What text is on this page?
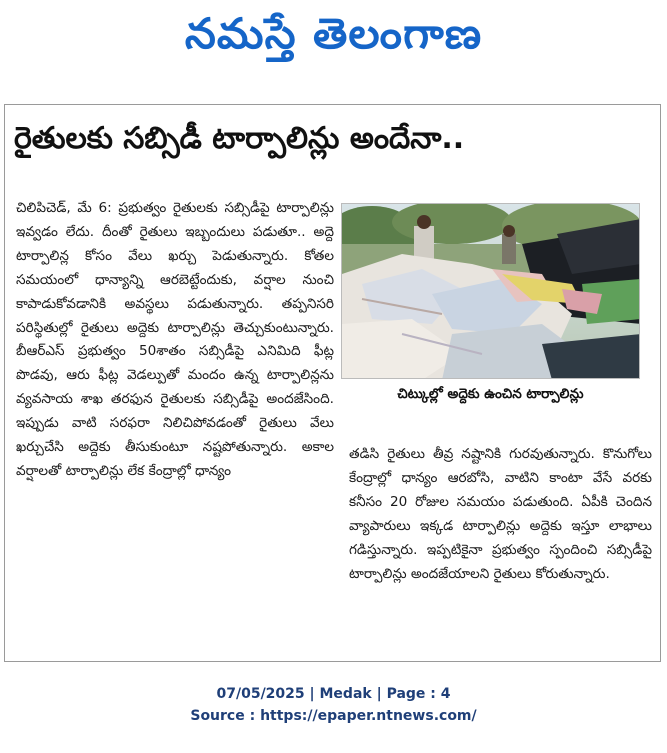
నమస్తే తెలంగాణ
రైతులకు సబ్సిడీ టార్పాలిన్లు అందేనా..

చిలిపిచెడ్, మే 6: ప్రభుత్వం రైతులకు సబ్సిడీపై టార్పాలిన్లు ఇవ్వడం లేదు. దీంతో రైతులు ఇబ్బందులు పడుతూ.. అద్దె టార్పాలిన్ల కోసం వేలు ఖర్చు పెడుతున్నారు. కోతల సమయంలో ధాన్యాన్ని ఆరబెట్టేందుకు, వర్షాల నుంచి కాపాడుకోవడానికి అవస్థలు పడుతున్నారు. తప్పనిసరి పరిస్థితుల్లో రైతులు అద్దెకు టార్పాలిన్లు తెచ్చుకుంటున్నారు. బీఆర్ఎస్ ప్రభుత్వం 50శాతం సబ్సిడీపై ఎనిమిది ఫీట్ల పొడవు, ఆరు ఫీట్ల వెడల్పుతో మందం ఉన్న టార్పాలిన్లను వ్యవసాయ శాఖ తరఫున రైతులకు సబ్సిడీపై అందజేసింది. ఇప్పుడు వాటి సరఫరా నిలిచిపోవడంతో రైతులు వేలు ఖర్చుచేసి అద్దెకు తీసుకుంటూ నష్టపోతున్నారు. అకాల వర్షాలతో టార్పాలిన్లు లేక కేంద్రాల్లో ధాన్యం

చిట్కుల్లో అద్దెకు ఉంచిన టార్పాలిన్లు

తడిసి రైతులు తీవ్ర నష్టానికి గురవుతున్నారు. కొనుగోలు కేంద్రాల్లో ధాన్యం ఆరబోసి, వాటిని కాంటా వేసే వరకు కనీసం 20 రోజుల సమయం పడుతుంది. ఏపీకి చెందిన వ్యాపారులు ఇక్కడ టార్పాలిన్లు అద్దెకు ఇస్తూ లాభాలు గడిస్తున్నారు. ఇప్పటికైనా ప్రభుత్వం స్పందించి సబ్సిడీపై టార్పాలిన్లు అందజేయాలని రైతులు కోరుతున్నారు.

07/05/2025 | Medak | Page : 4
Source : https://epaper.ntnews.com/
